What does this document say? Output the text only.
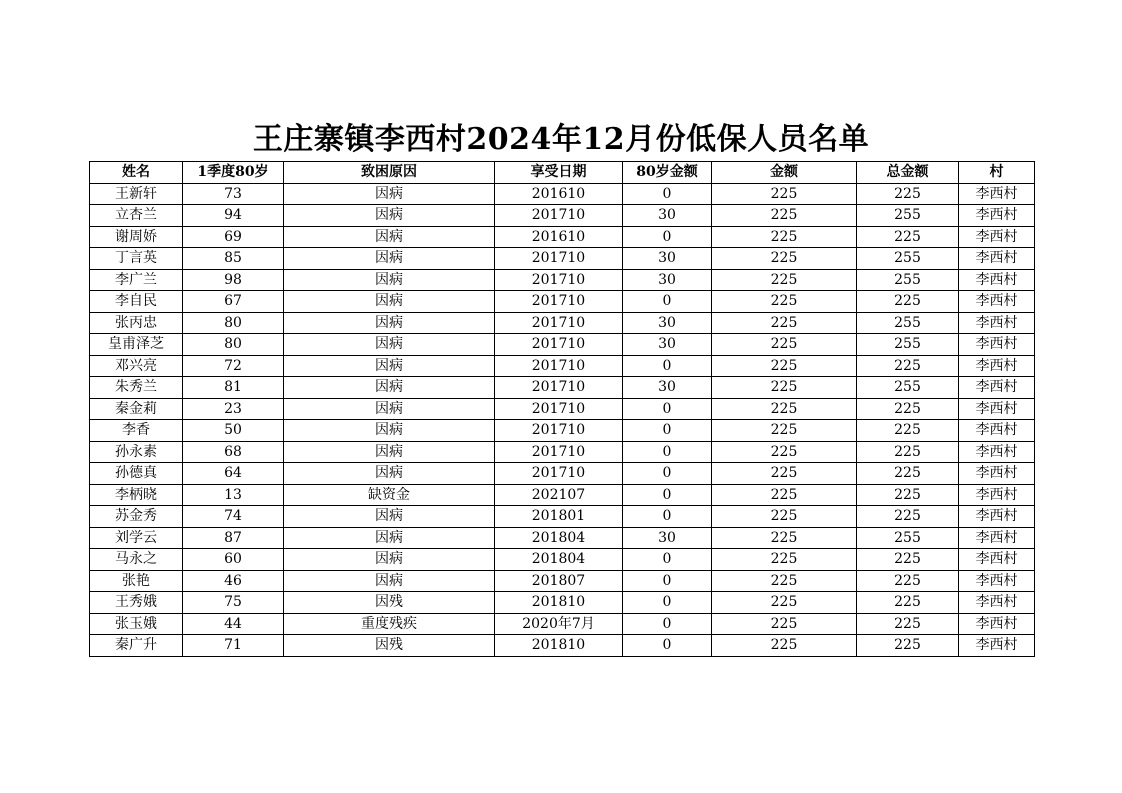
王庄寨镇李西村2024年12月份低保人员名单
姓名	1季度80岁	致困原因	享受日期	80岁金额	金额	总金额	村
王新轩	73	因病	201610	0	225	225	李西村
立杏兰	94	因病	201710	30	225	255	李西村
谢周娇	69	因病	201610	0	225	225	李西村
丁言英	85	因病	201710	30	225	255	李西村
李广兰	98	因病	201710	30	225	255	李西村
李自民	67	因病	201710	0	225	225	李西村
张丙忠	80	因病	201710	30	225	255	李西村
皇甫泽芝	80	因病	201710	30	225	255	李西村
邓兴亮	72	因病	201710	0	225	225	李西村
朱秀兰	81	因病	201710	30	225	255	李西村
秦金莉	23	因病	201710	0	225	225	李西村
李香	50	因病	201710	0	225	225	李西村
孙永素	68	因病	201710	0	225	225	李西村
孙德真	64	因病	201710	0	225	225	李西村
李柄晓	13	缺资金	202107	0	225	225	李西村
苏金秀	74	因病	201801	0	225	225	李西村
刘学云	87	因病	201804	30	225	255	李西村
马永之	60	因病	201804	0	225	225	李西村
张艳	46	因病	201807	0	225	225	李西村
王秀娥	75	因残	201810	0	225	225	李西村
张玉娥	44	重度残疾	2020年7月	0	225	225	李西村
秦广升	71	因残	201810	0	225	225	李西村
